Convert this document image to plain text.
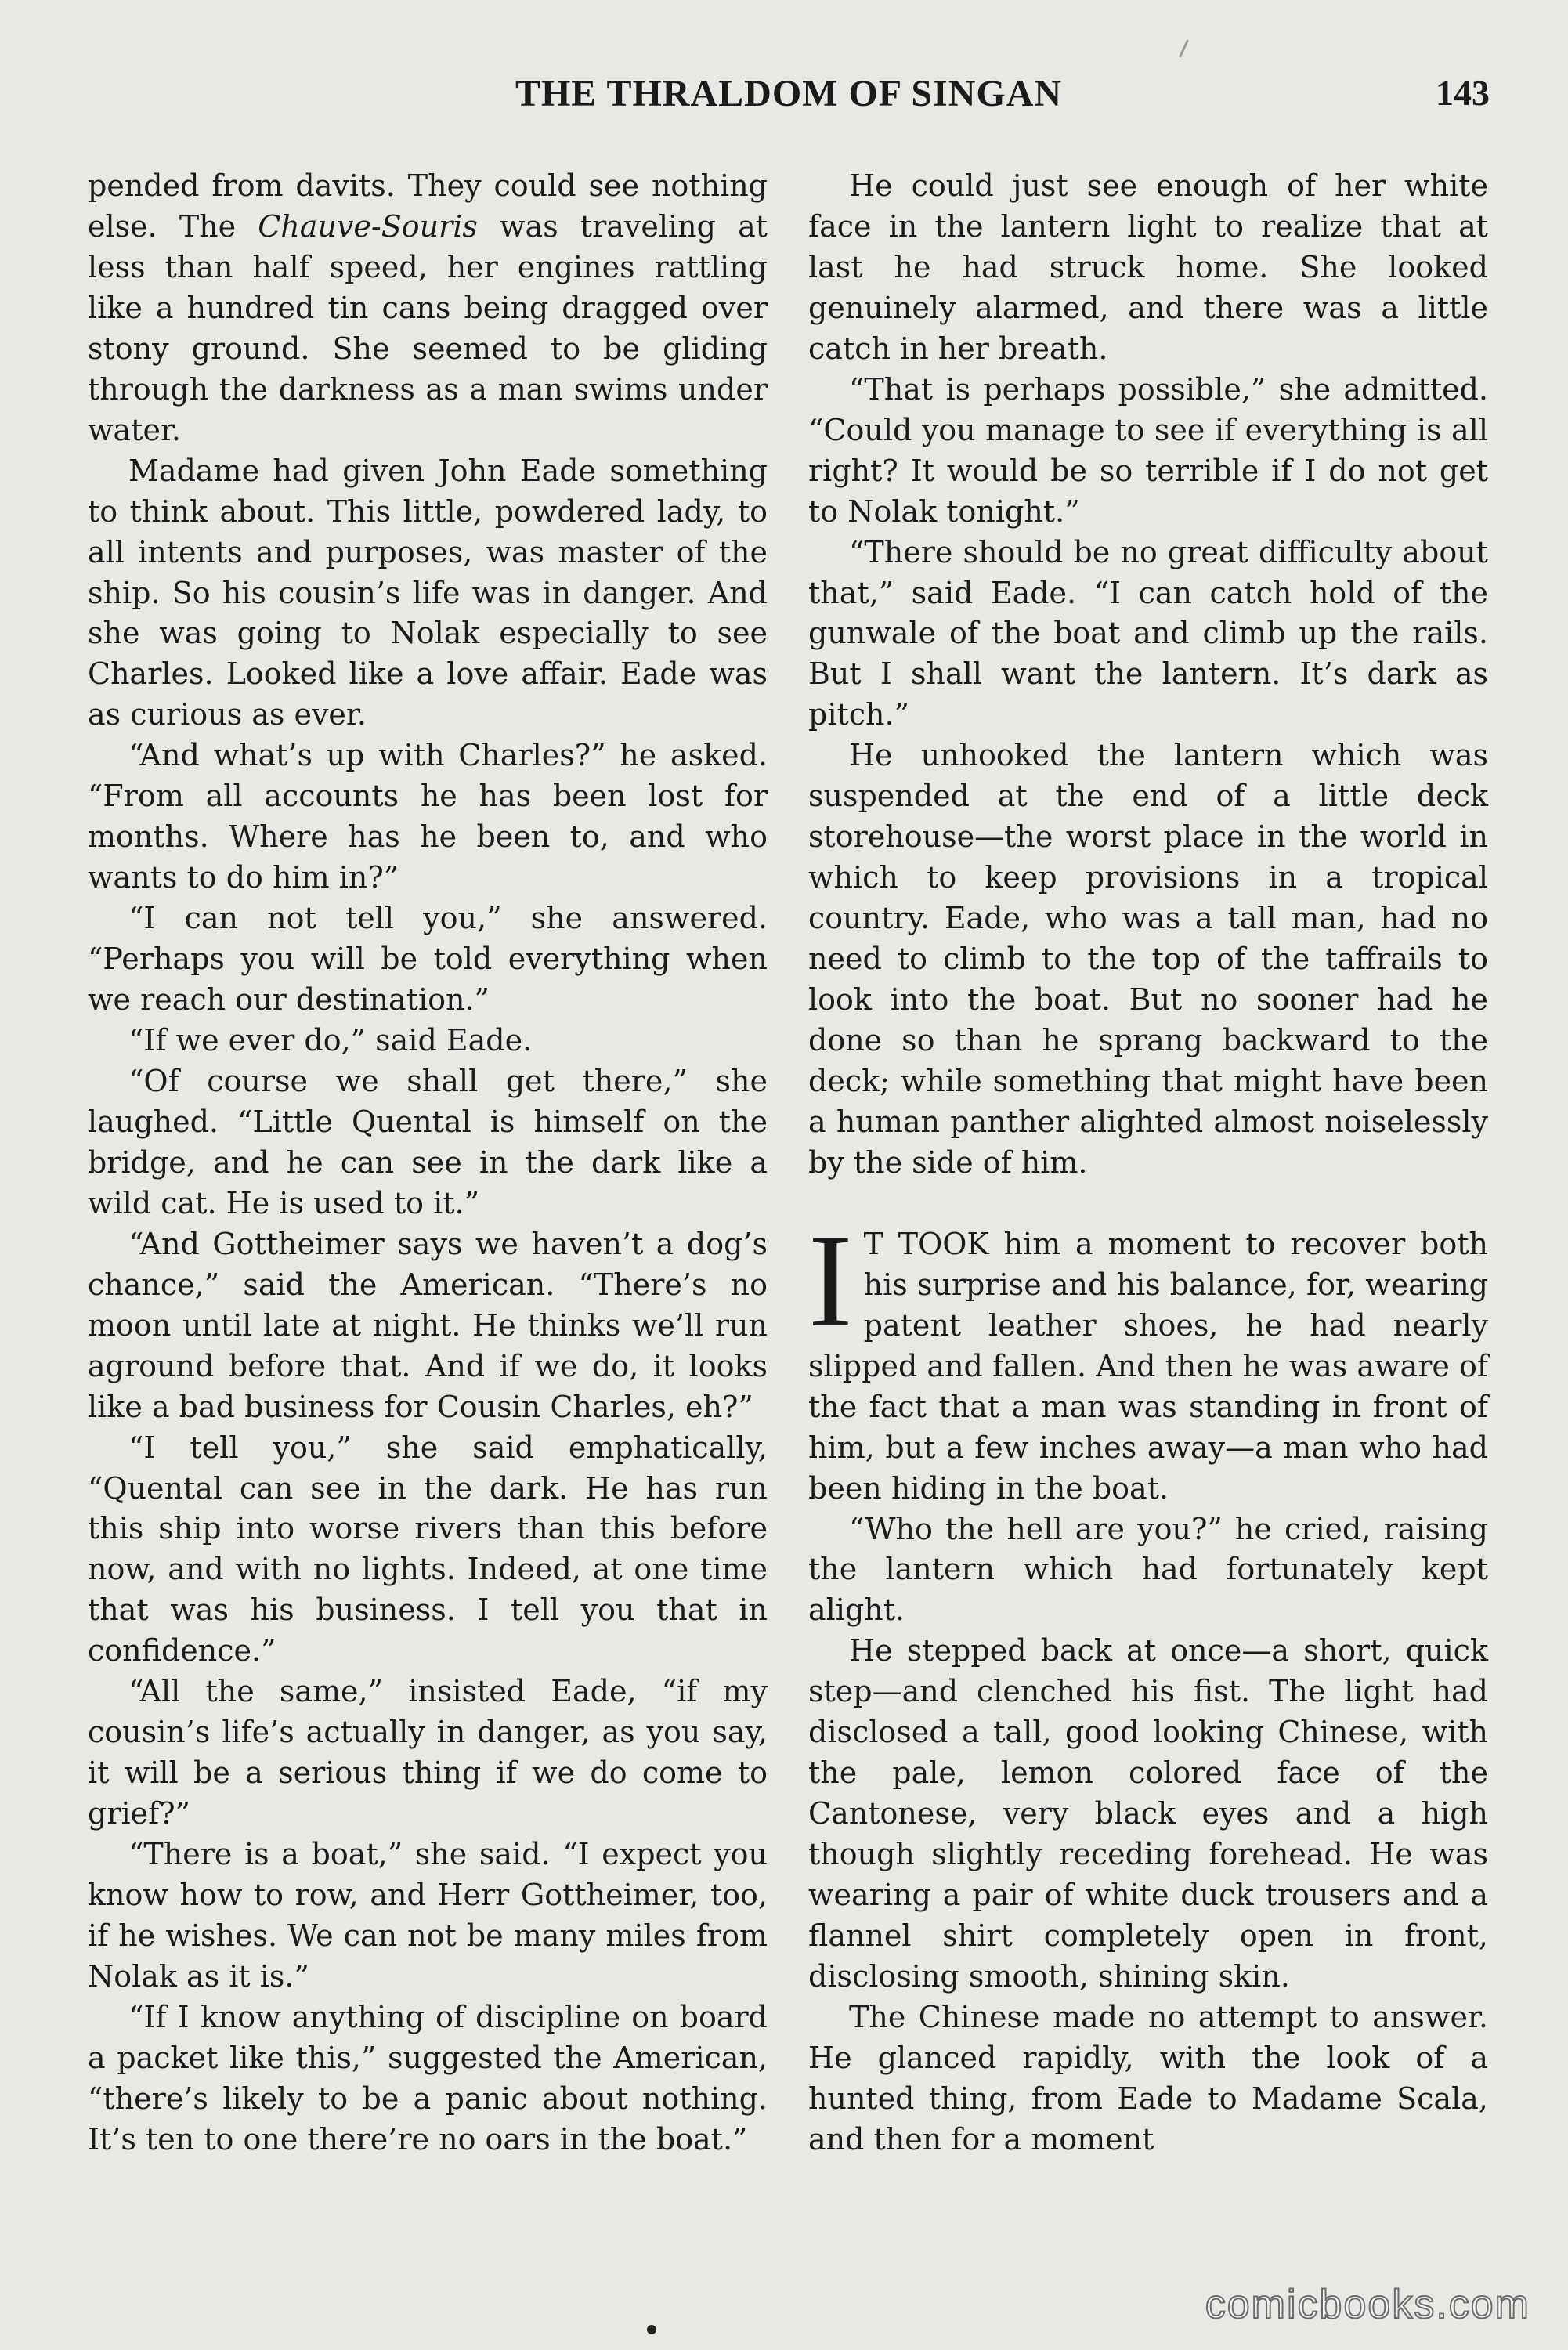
THE THRALDOM OF SINGAN	143

pended from davits. They could see nothing else. The Chauve-Souris was traveling at less than half speed, her engines rattling like a hundred tin cans being dragged over stony ground. She seemed to be gliding through the darkness as a man swims under water.

Madame had given John Eade something to think about. This little, powdered lady, to all intents and purposes, was master of the ship. So his cousin’s life was in danger. And she was going to Nolak especially to see Charles. Looked like a love affair. Eade was as curious as ever.

“And what’s up with Charles?” he asked. “From all accounts he has been lost for months. Where has he been to, and who wants to do him in?”

“I can not tell you,” she answered. “Perhaps you will be told everything when we reach our destination.”

“If we ever do,” said Eade.

“Of course we shall get there,” she laughed. “Little Quental is himself on the bridge, and he can see in the dark like a wild cat. He is used to it.”

“And Gottheimer says we haven’t a dog’s chance,” said the American. “There’s no moon until late at night. He thinks we’ll run aground before that. And if we do, it looks like a bad business for Cousin Charles, eh?”

“I tell you,” she said emphatically, “Quental can see in the dark. He has run this ship into worse rivers than this before now, and with no lights. Indeed, at one time that was his business. I tell you that in confidence.”

“All the same,” insisted Eade, “if my cousin’s life’s actually in danger, as you say, it will be a serious thing if we do come to grief?”

“There is a boat,” she said. “I expect you know how to row, and Herr Gottheimer, too, if he wishes. We can not be many miles from Nolak as it is.”

“If I know anything of discipline on board a packet like this,” suggested the American, “there’s likely to be a panic about nothing. It’s ten to one there’re no oars in the boat.”

He could just see enough of her white face in the lantern light to realize that at last he had struck home. She looked genuinely alarmed, and there was a little catch in her breath.

“That is perhaps possible,” she admitted. “Could you manage to see if everything is all right? It would be so terrible if I do not get to Nolak tonight.”

“There should be no great difficulty about that,” said Eade. “I can catch hold of the gunwale of the boat and climb up the rails. But I shall want the lantern. It’s dark as pitch.”

He unhooked the lantern which was suspended at the end of a little deck storehouse—the worst place in the world in which to keep provisions in a tropical country. Eade, who was a tall man, had no need to climb to the top of the taffrails to look into the boat. But no sooner had he done so than he sprang backward to the deck; while something that might have been a human panther alighted almost noiselessly by the side of him.

I T TOOK him a moment to recover both his surprise and his balance, for, wearing patent leather shoes, he had nearly slipped and fallen. And then he was aware of the fact that a man was standing in front of him, but a few inches away—a man who had been hiding in the boat.

“Who the hell are you?” he cried, raising the lantern which had fortunately kept alight.

He stepped back at once—a short, quick step—and clenched his fist. The light had disclosed a tall, good looking Chinese, with the pale, lemon colored face of the Cantonese, very black eyes and a high though slightly receding forehead. He was wearing a pair of white duck trousers and a flannel shirt completely open in front, disclosing smooth, shining skin.

The Chinese made no attempt to answer. He glanced rapidly, with the look of a hunted thing, from Eade to Madame Scala, and then for a moment

comicbooks.com
